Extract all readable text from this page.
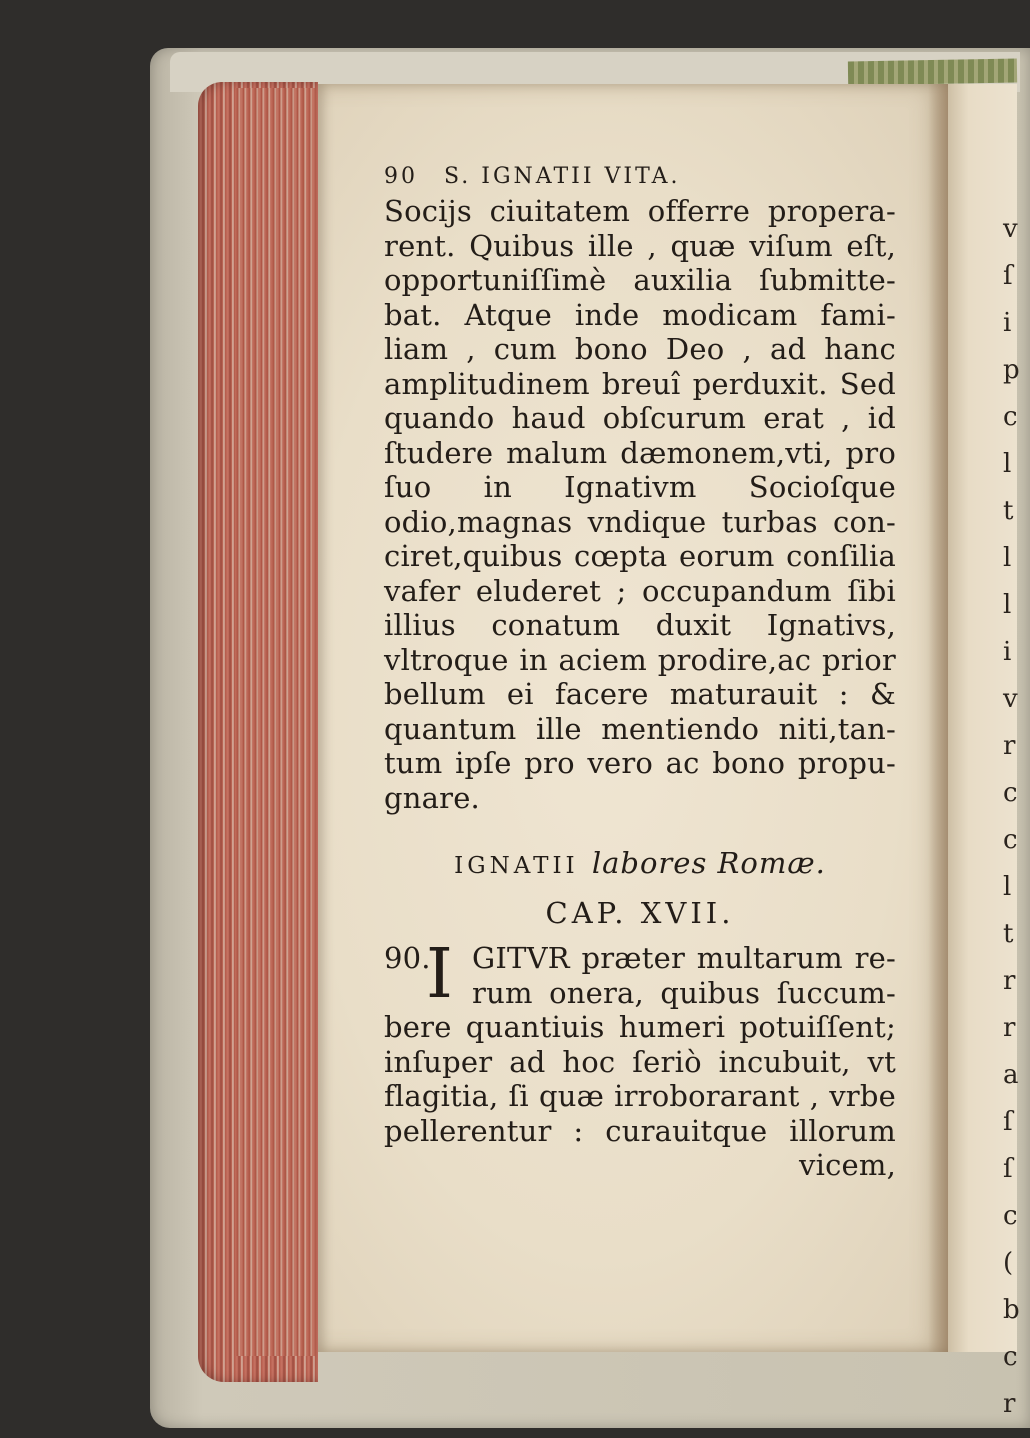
v
ſ
i
p
c
l
t
l
l
i
v
r
c
c
l
t
r
r
a
ſ
ſ
c
(
b
c
r
90	S. IGNATII VITA.
Socijs ciuitatem offerre propera-
rent. Quibus ille , quæ viſum eſt,
opportuniſſimè auxilia ſubmitte-
bat. Atque inde modicam fami-
liam , cum bono Deo , ad hanc
amplitudinem breuî perduxit. Sed
quando haud obſcurum erat , id
ſtudere malum dæmonem,vti, pro
ſuo in Ignativm Socioſque
odio,magnas vndique turbas con-
ciret,quibus cœpta eorum conſilia
vafer eluderet ; occupandum ſibi
illius conatum duxit Ignativs,
vltroque in aciem prodire,ac prior
bellum ei facere maturauit : &
quantum ille mentiendo niti,tan-
tum ipſe pro vero ac bono propu-
gnare.
IGNATII labores Romæ.
CAP. XVII.
90.
I GITVR præter multarum re-
rum onera, quibus ſuccum-
bere quantiuis humeri potuiſſent;
inſuper ad hoc ſeriò incubuit, vt
flagitia, ſi quæ irroborarant , vrbe
pellerentur : curauitque illorum
vicem,
